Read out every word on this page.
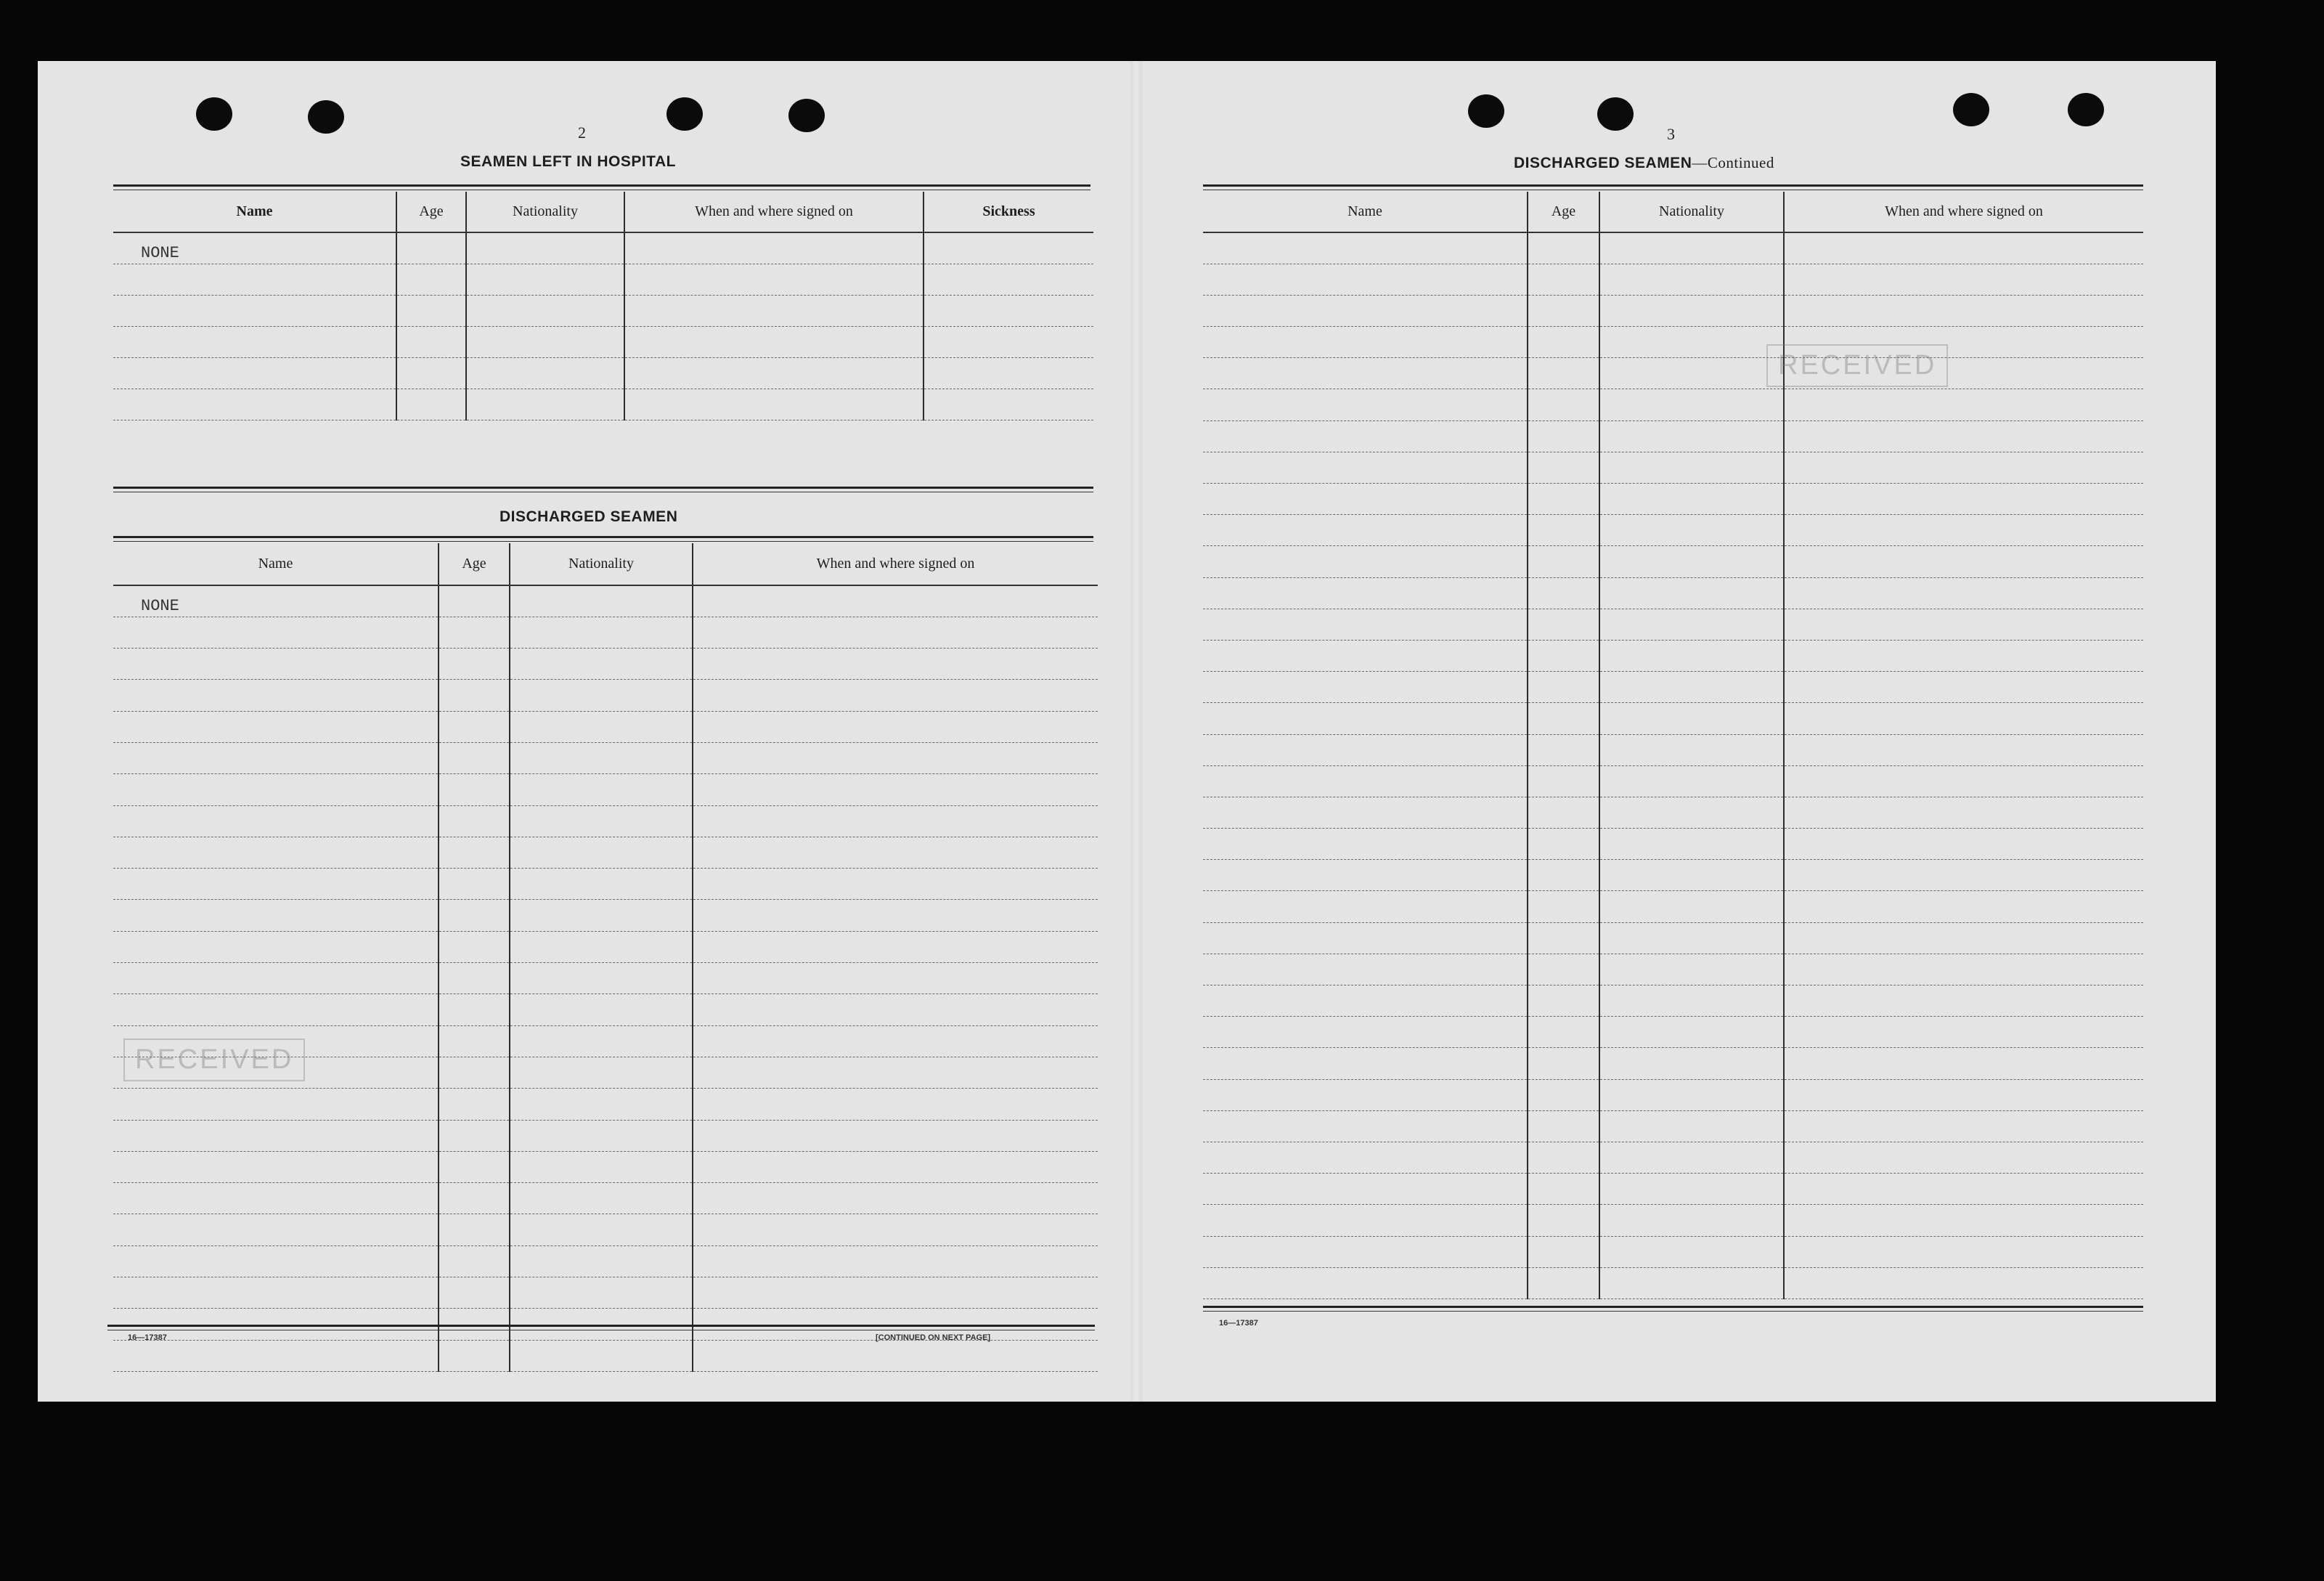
2
SEAMEN LEFT IN HOSPITAL
Name	Age	Nationality	When and where signed on	Sickness
NONE				

DISCHARGED SEAMEN
Name	Age	Nationality	When and where signed on
NONE			

16—17387	[CONTINUED ON NEXT PAGE]
RECEIVED
3
DISCHARGED SEAMEN—Continued
Name	Age	Nationality	When and where signed on

16—17387
RECEIVED
